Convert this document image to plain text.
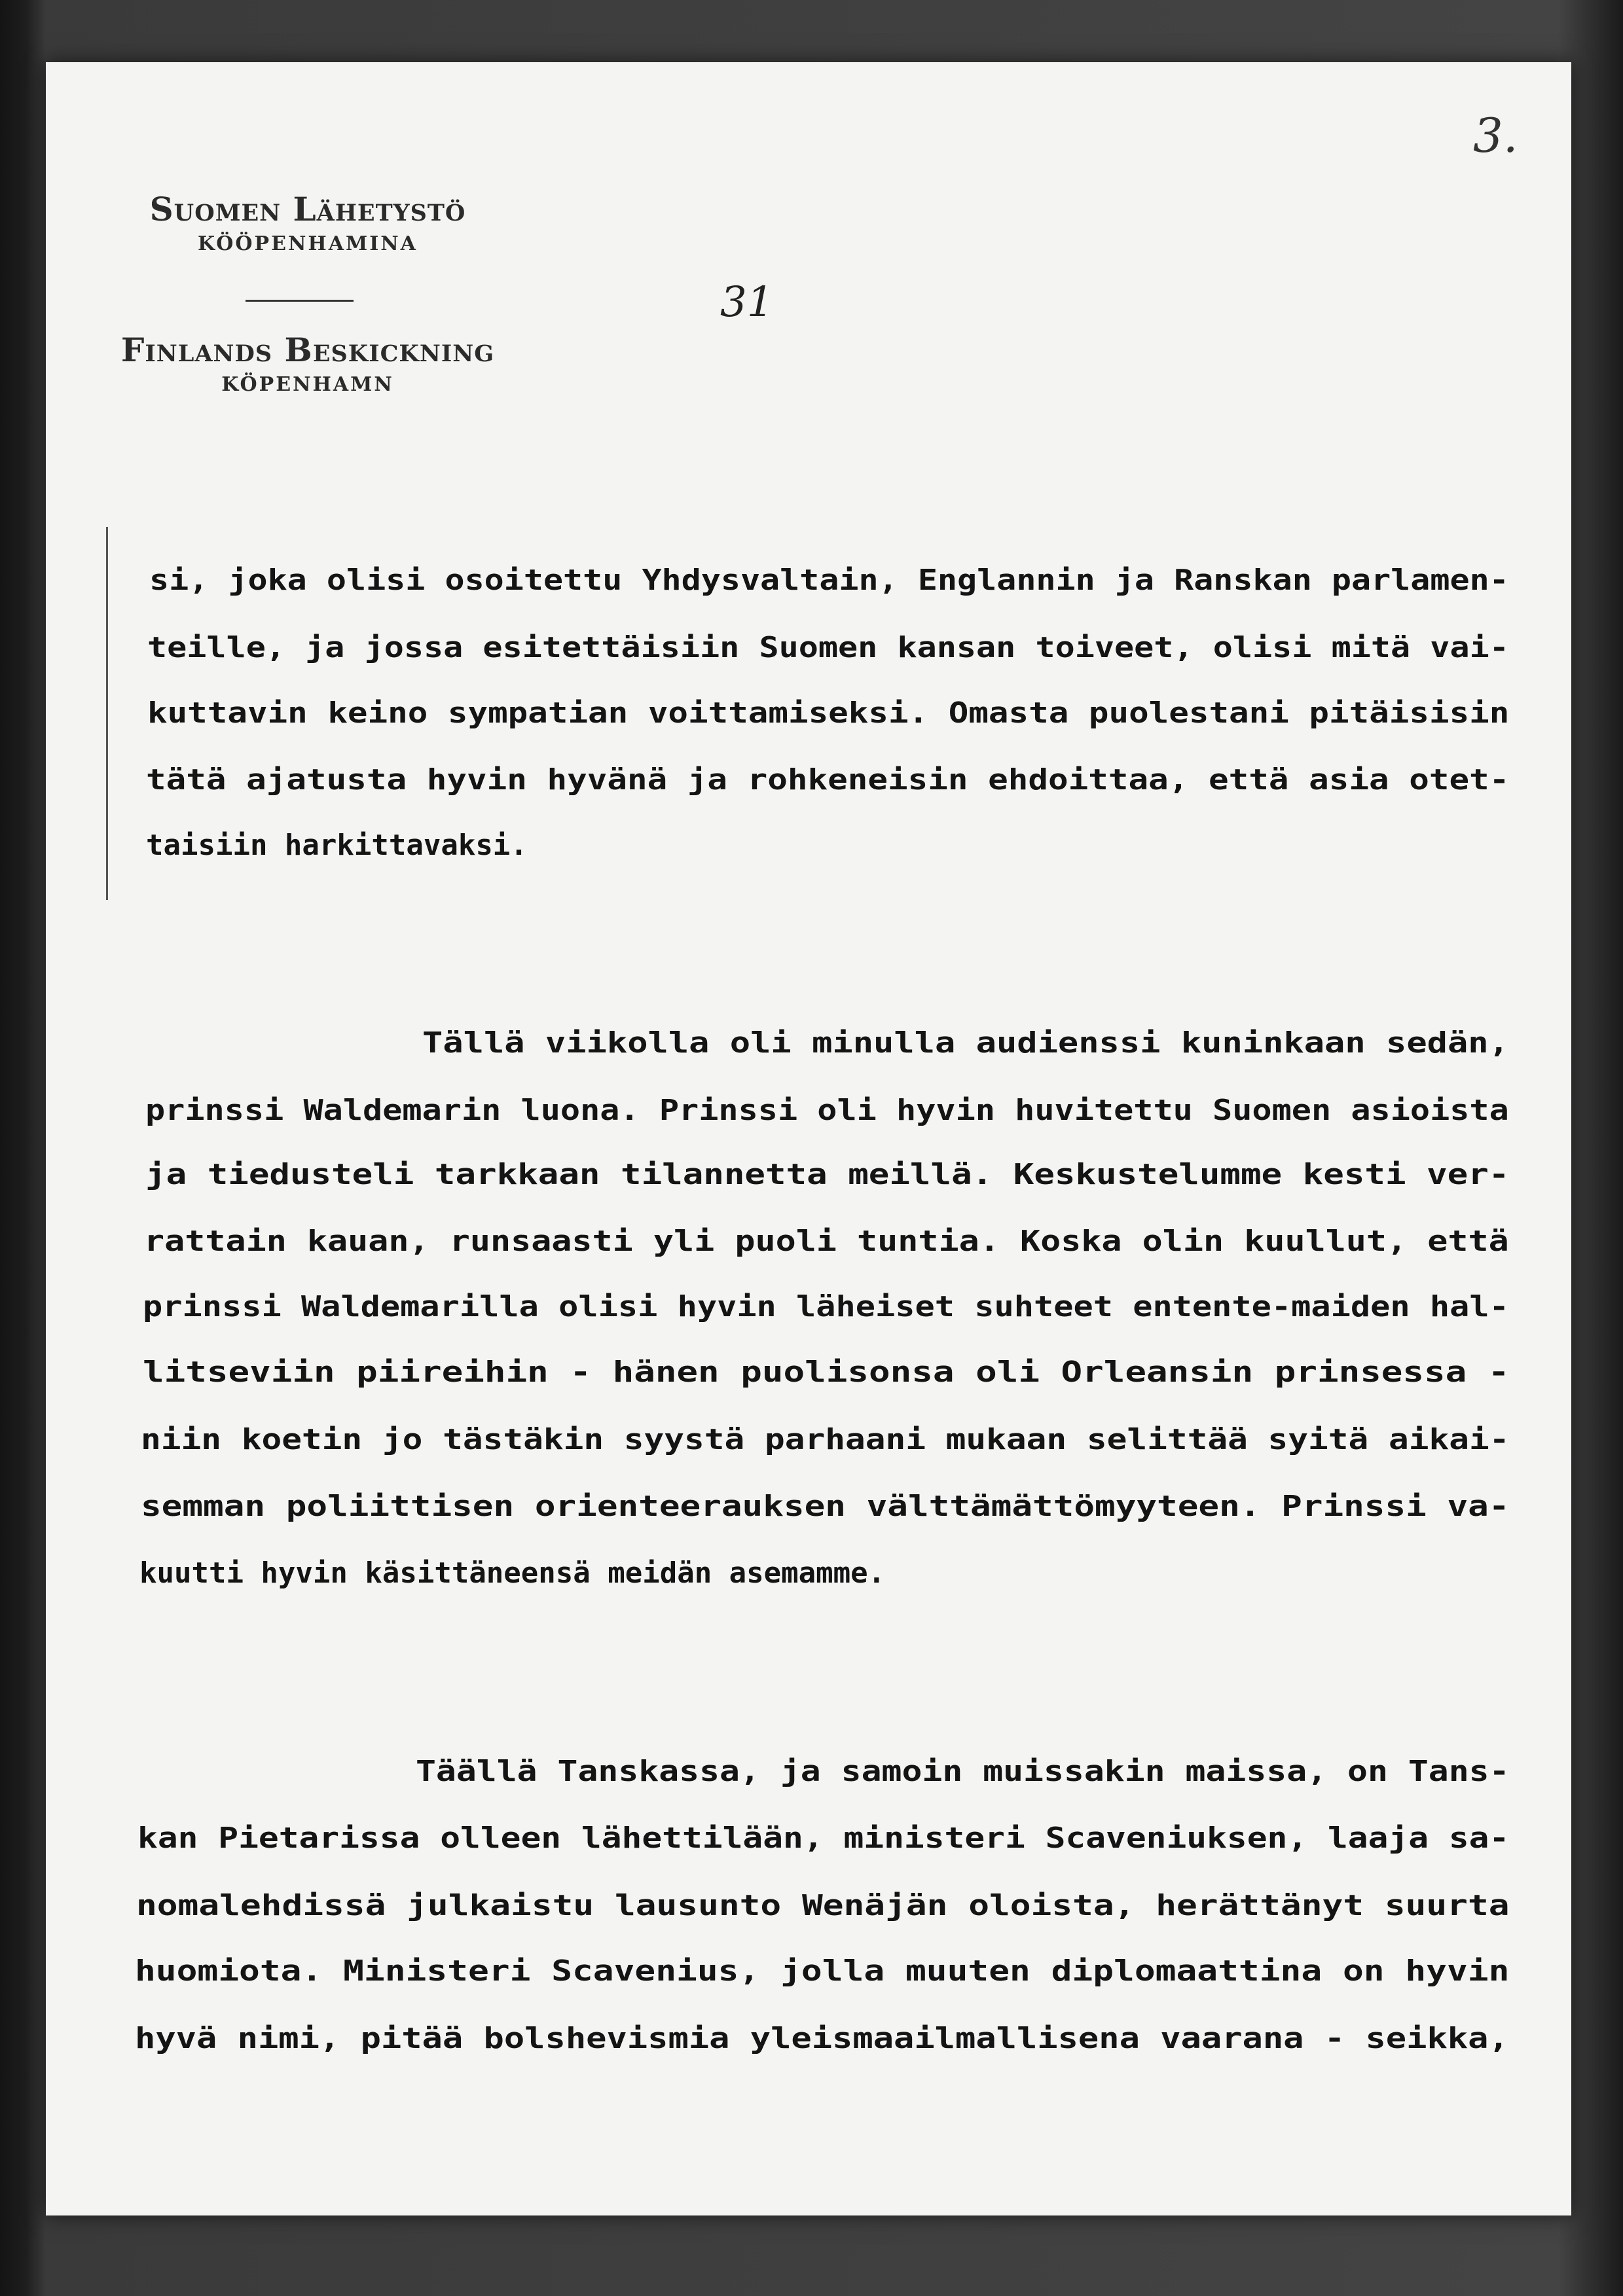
3.
Suomen Lähetystö
KÖÖPENHAMINA
Finlands Beskickning
KÖPENHAMN
31
si, joka olisi osoitettu Yhdysvaltain, Englannin ja Ranskan parlamen-
teille, ja jossa esitettäisiin Suomen kansan toiveet, olisi mitä vai-
kuttavin keino sympatian voittamiseksi. Omasta puolestani pitäisisin
tätä ajatusta hyvin hyvänä ja rohkeneisin ehdoittaa, että asia otet-
taisiin harkittavaksi.
Tällä viikolla oli minulla audienssi kuninkaan sedän,
prinssi Waldemarin luona. Prinssi oli hyvin huvitettu Suomen asioista
ja tiedusteli tarkkaan tilannetta meillä. Keskustelumme kesti ver-
rattain kauan, runsaasti yli puoli tuntia. Koska olin kuullut, että
prinssi Waldemarilla olisi hyvin läheiset suhteet entente-maiden hal-
litseviin piireihin - hänen puolisonsa oli Orleansin prinsessa -
niin koetin jo tästäkin syystä parhaani mukaan selittää syitä aikai-
semman poliittisen orienteerauksen välttämättömyyteen. Prinssi va-
kuutti hyvin käsittäneensä meidän asemamme.
Täällä Tanskassa, ja samoin muissakin maissa, on Tans-
kan Pietarissa olleen lähettilään, ministeri Scaveniuksen, laaja sa-
nomalehdissä julkaistu lausunto Wenäjän oloista, herättänyt suurta
huomiota. Ministeri Scavenius, jolla muuten diplomaattina on hyvin
hyvä nimi, pitää bolshevismia yleismaailmallisena vaarana - seikka,
